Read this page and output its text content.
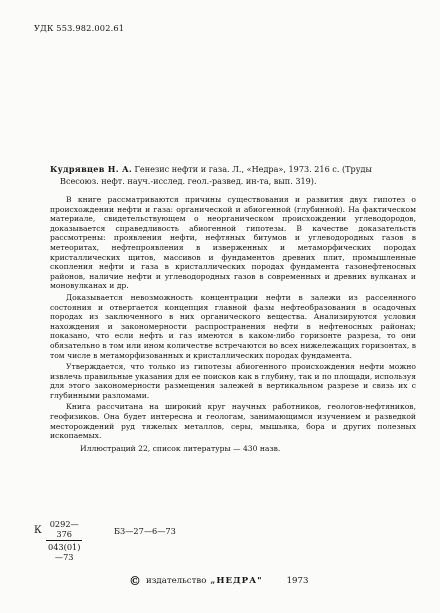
УДК 553.982.002.61
Кудрявцев Н. А. Генезис нефти и газа. Л., «Недра», 1973. 216 с. (Труды
Всесоюз. нефт. науч.-исслед. геол.-развед. ин-та, вып. 319).

В книге рассматриваются причины существования и развития двух гипотез о происхождении нефти и газа: органической и абиогенной (глубинной). На фактическом материале, свидетельствующем о неорганическом происхождении углеводородов, доказывается справедливость абиогенной гипотезы. В качестве доказательств рассмотрены: проявления нефти, нефтяных битумов и углеводородных газов в метеоритах, нефтепроявления в изверженных и метаморфических породах кристаллических щитов, массивов и фундаментов древних плит, промышленные скопления нефти и газа в кристаллических породах фундамента газонефтеносных районов, наличие нефти и углеводородных газов в современных и древних вулканах и моновулканах и др.

Доказывается невозможность концентрации нефти в залежи из рассеянного состояния и отвергается концепция главной фазы нефтеобразования в осадочных породах из заключенного в них органического вещества. Анализируются условия нахождения и закономерности распространения нефти в нефтеносных районах; показано, что если нефть и газ имеются в каком-либо горизонте разреза, то они обязательно в том или ином количестве встречаются во всех нижележащих горизонтах, в том числе в метаморфизованных и кристаллических породах фундамента.

Утверждается, что только из гипотезы абиогенного происхождения нефти можно извлечь правильные указания для ее поисков как в глубину, так и по площади, используя для этого закономерности размещения залежей в вертикальном разрезе и связь их с глубинными разломами.

Книга рассчитана на широкий круг научных работников, геологов-нефтяников, геофизиков. Она будет интересна и геологам, занимающимся изучением и разведкой месторождений руд тяжелых металлов, серы, мышьяка, бора и других полезных ископаемых.

Иллюстраций 22, список литературы — 430 назв.

К $\frac{0292—376}{043(01)—73}$	Б3—27—6—73
© издательство „НЕДРА"	1973
